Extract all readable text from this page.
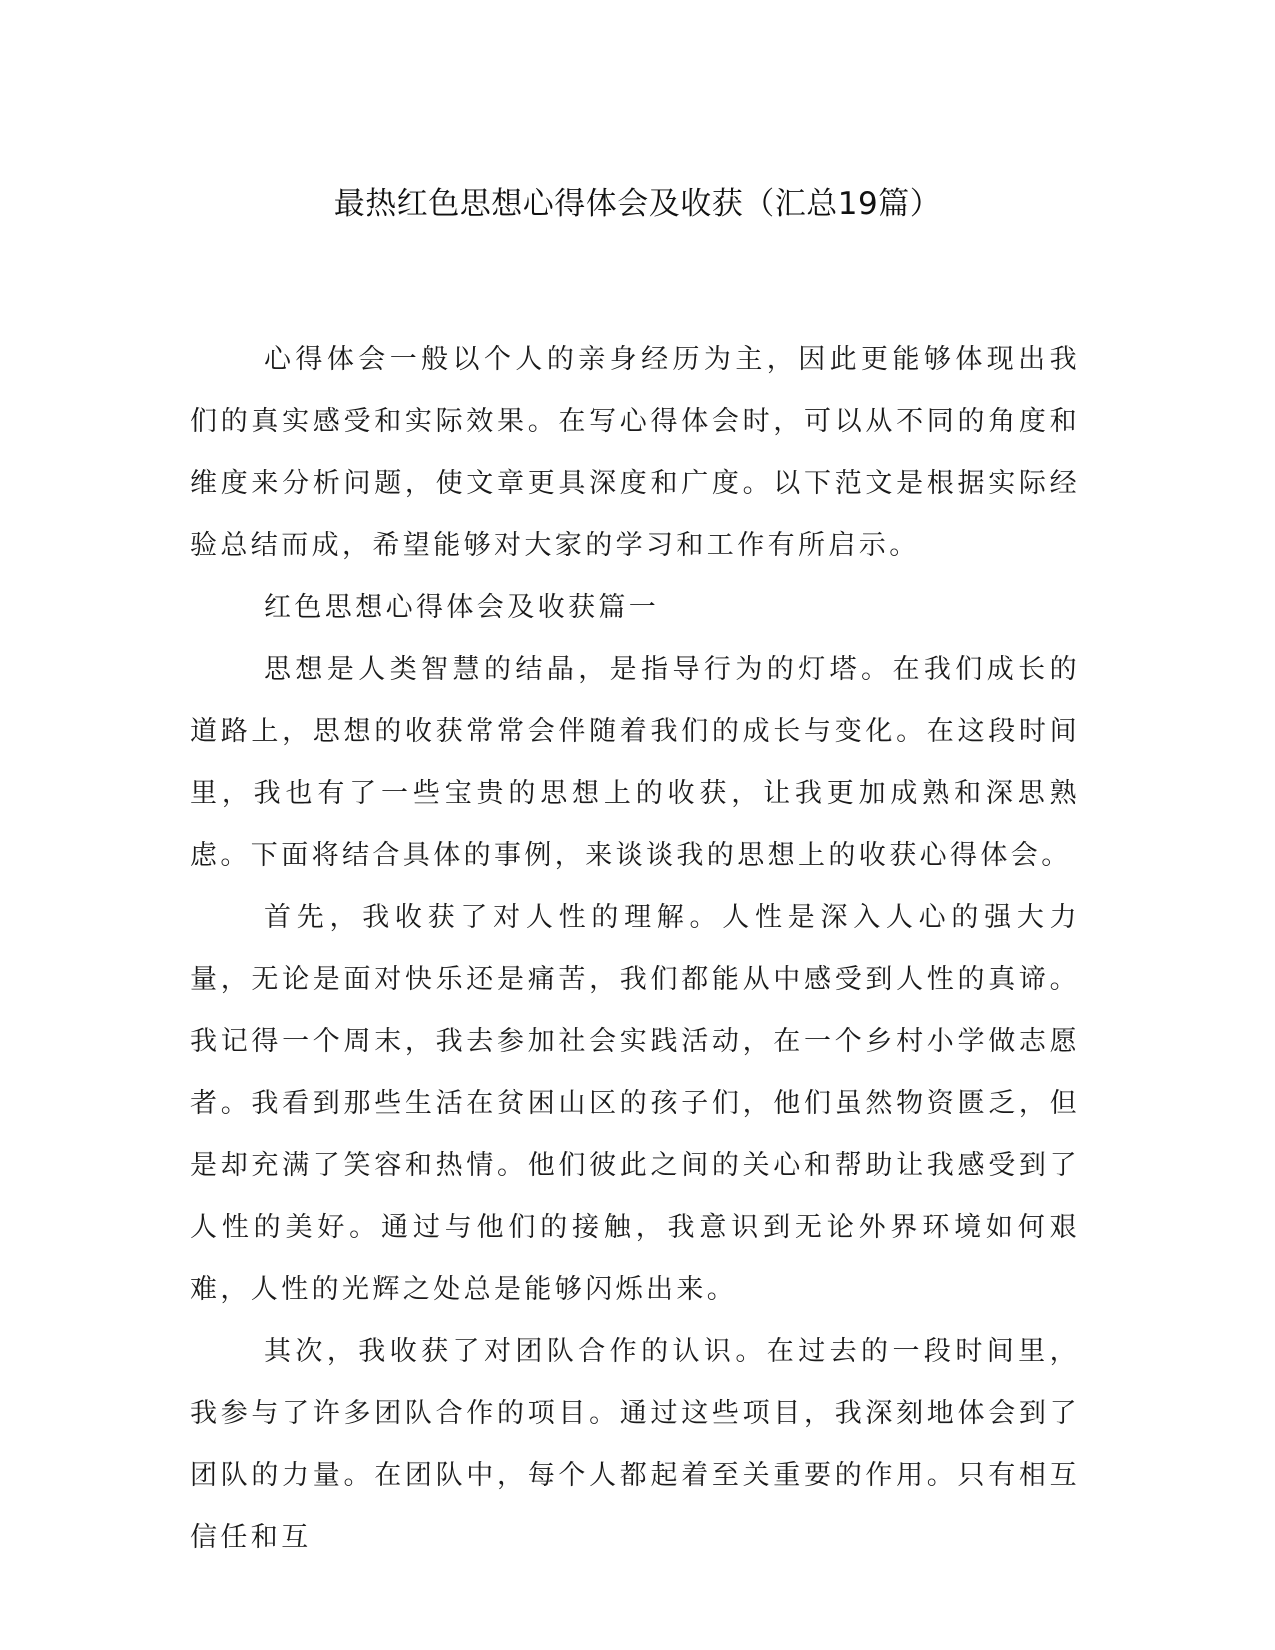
最热红色思想心得体会及收获（汇总19篇）

心得体会一般以个人的亲身经历为主，因此更能够体现出我们的真实感受和实际效果。在写心得体会时，可以从不同的角度和维度来分析问题，使文章更具深度和广度。以下范文是根据实际经验总结而成，希望能够对大家的学习和工作有所启示。

红色思想心得体会及收获篇一

思想是人类智慧的结晶，是指导行为的灯塔。在我们成长的道路上，思想的收获常常会伴随着我们的成长与变化。在这段时间里，我也有了一些宝贵的思想上的收获，让我更加成熟和深思熟虑。下面将结合具体的事例，来谈谈我的思想上的收获心得体会。

首先，我收获了对人性的理解。人性是深入人心的强大力量，无论是面对快乐还是痛苦，我们都能从中感受到人性的真谛。我记得一个周末，我去参加社会实践活动，在一个乡村小学做志愿者。我看到那些生活在贫困山区的孩子们，他们虽然物资匮乏，但是却充满了笑容和热情。他们彼此之间的关心和帮助让我感受到了人性的美好。通过与他们的接触，我意识到无论外界环境如何艰难，人性的光辉之处总是能够闪烁出来。

其次，我收获了对团队合作的认识。在过去的一段时间里，我参与了许多团队合作的项目。通过这些项目，我深刻地体会到了团队的力量。在团队中，每个人都起着至关重要的作用。只有相互信任和互
